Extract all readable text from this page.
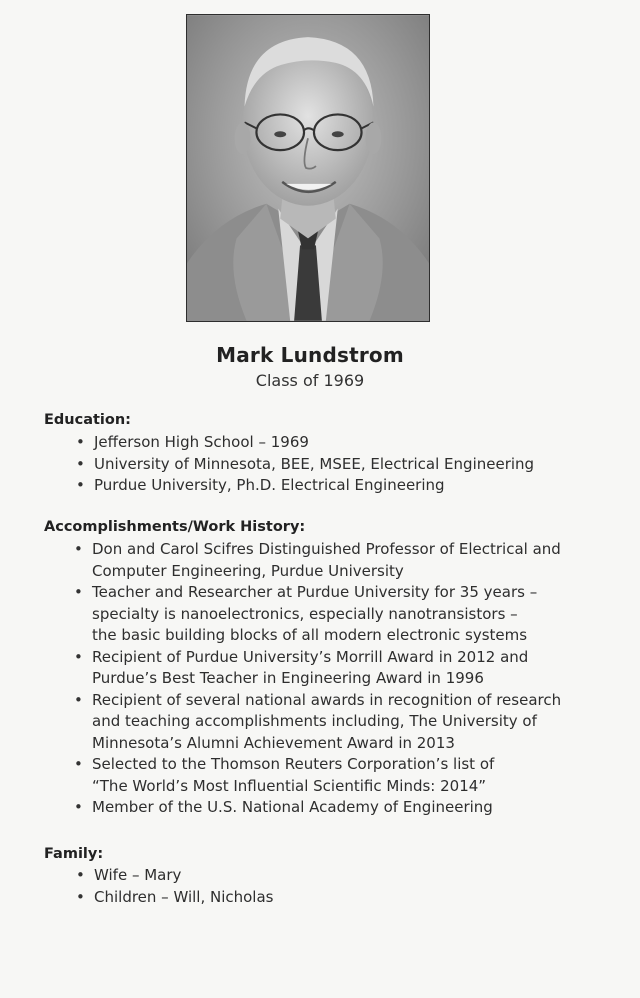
Mark Lundstrom
Class of 1969
Education:
• Jefferson High School – 1969
• University of Minnesota, BEE, MSEE, Electrical Engineering
• Purdue University, Ph.D. Electrical Engineering
Accomplishments/Work History:
• Don and Carol Scifres Distinguished Professor of Electrical and
Computer Engineering, Purdue University
• Teacher and Researcher at Purdue University for 35 years –
specialty is nanoelectronics, especially nanotransistors –
the basic building blocks of all modern electronic systems
• Recipient of Purdue University’s Morrill Award in 2012 and
Purdue’s Best Teacher in Engineering Award in 1996
• Recipient of several national awards in recognition of research
and teaching accomplishments including, The University of
Minnesota’s Alumni Achievement Award in 2013
• Selected to the Thomson Reuters Corporation’s list of
“The World’s Most Influential Scientific Minds: 2014”
• Member of the U.S. National Academy of Engineering
Family:
• Wife – Mary
• Children – Will, Nicholas
